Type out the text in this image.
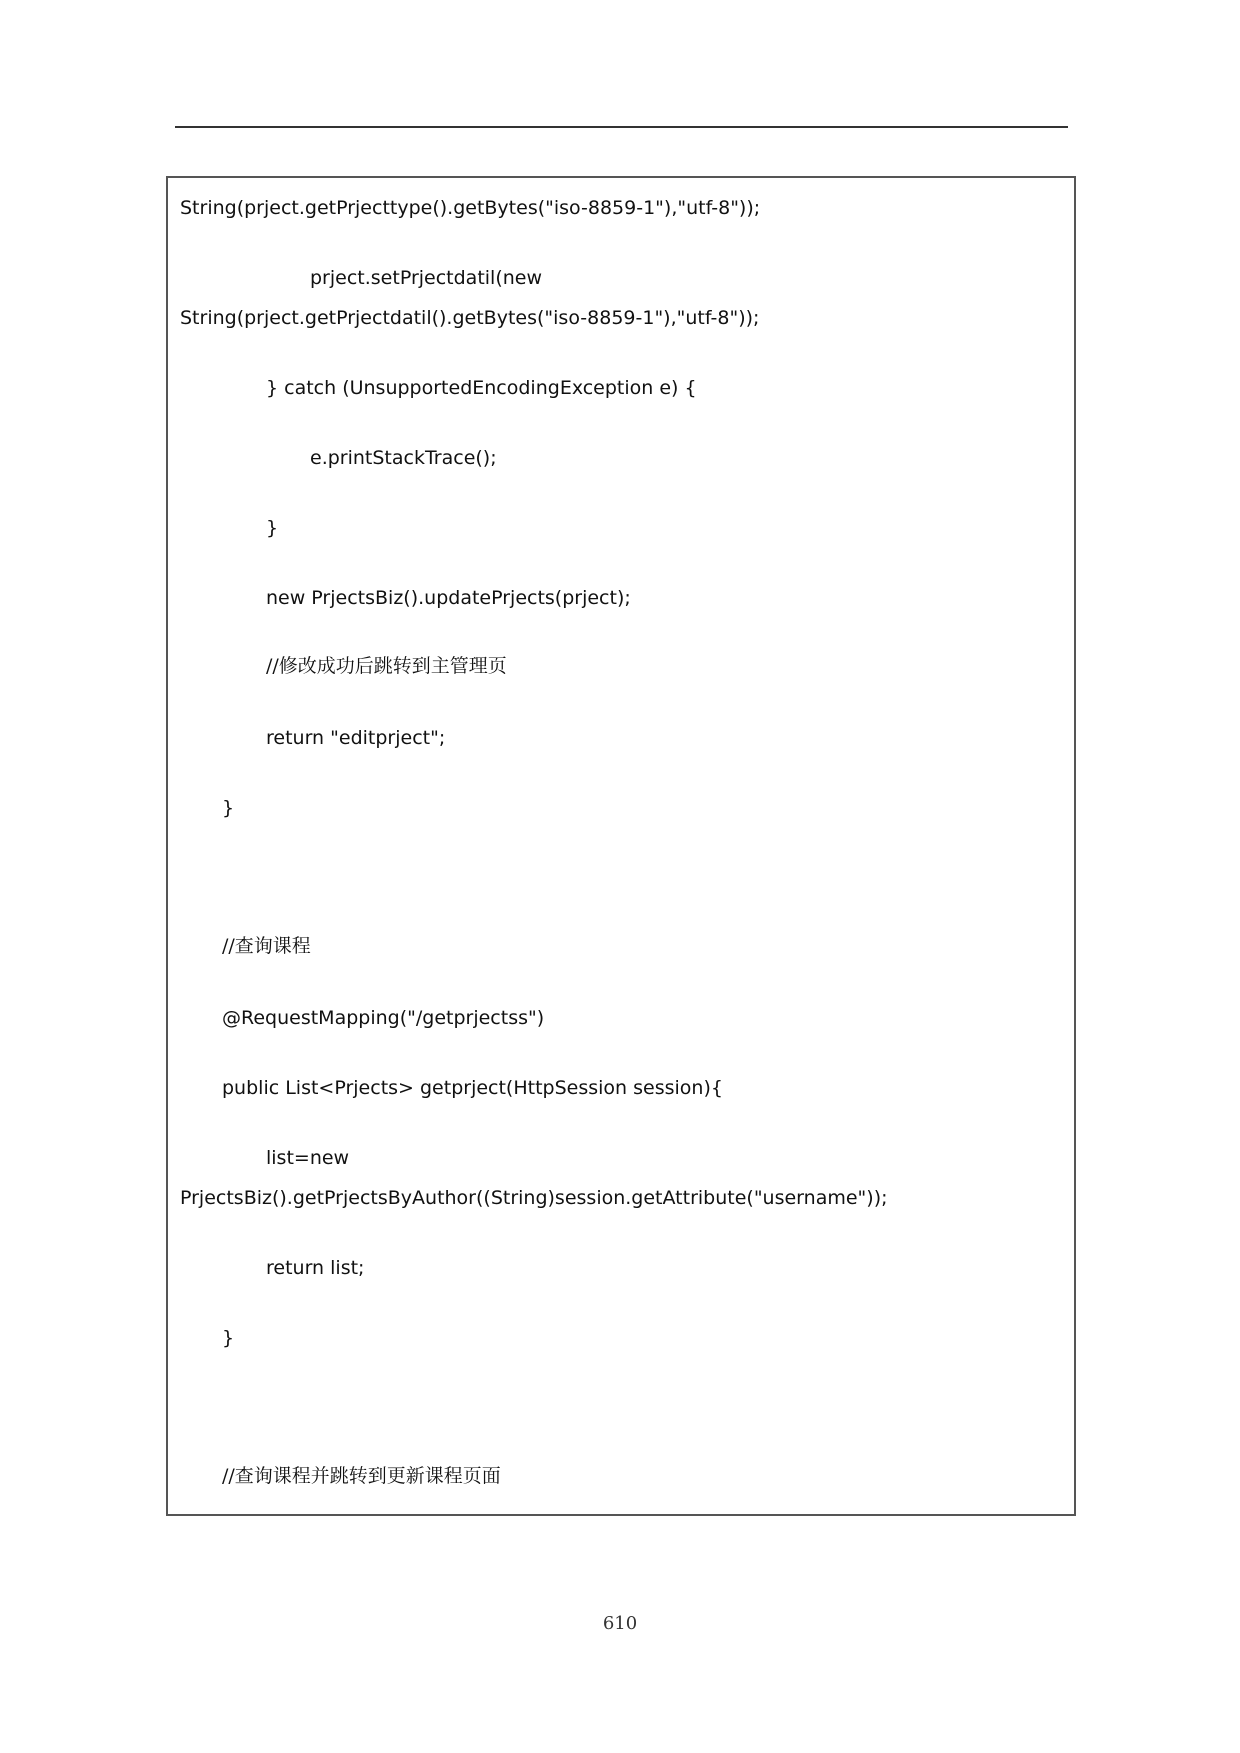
String(prject.getPrjecttype().getBytes("iso-8859-1"),"utf-8"));
prject.setPrjectdatil(new
String(prject.getPrjectdatil().getBytes("iso-8859-1"),"utf-8"));
} catch (UnsupportedEncodingException e) {
e.printStackTrace();
}
new PrjectsBiz().updatePrjects(prject);
//修改成功后跳转到主管理页
return "editprject";
}
//查询课程
@RequestMapping("/getprjectss")
public List<Prjects> getprject(HttpSession session){
list=new
PrjectsBiz().getPrjectsByAuthor((String)session.getAttribute("username"));
return list;
}
//查询课程并跳转到更新课程页面
610
